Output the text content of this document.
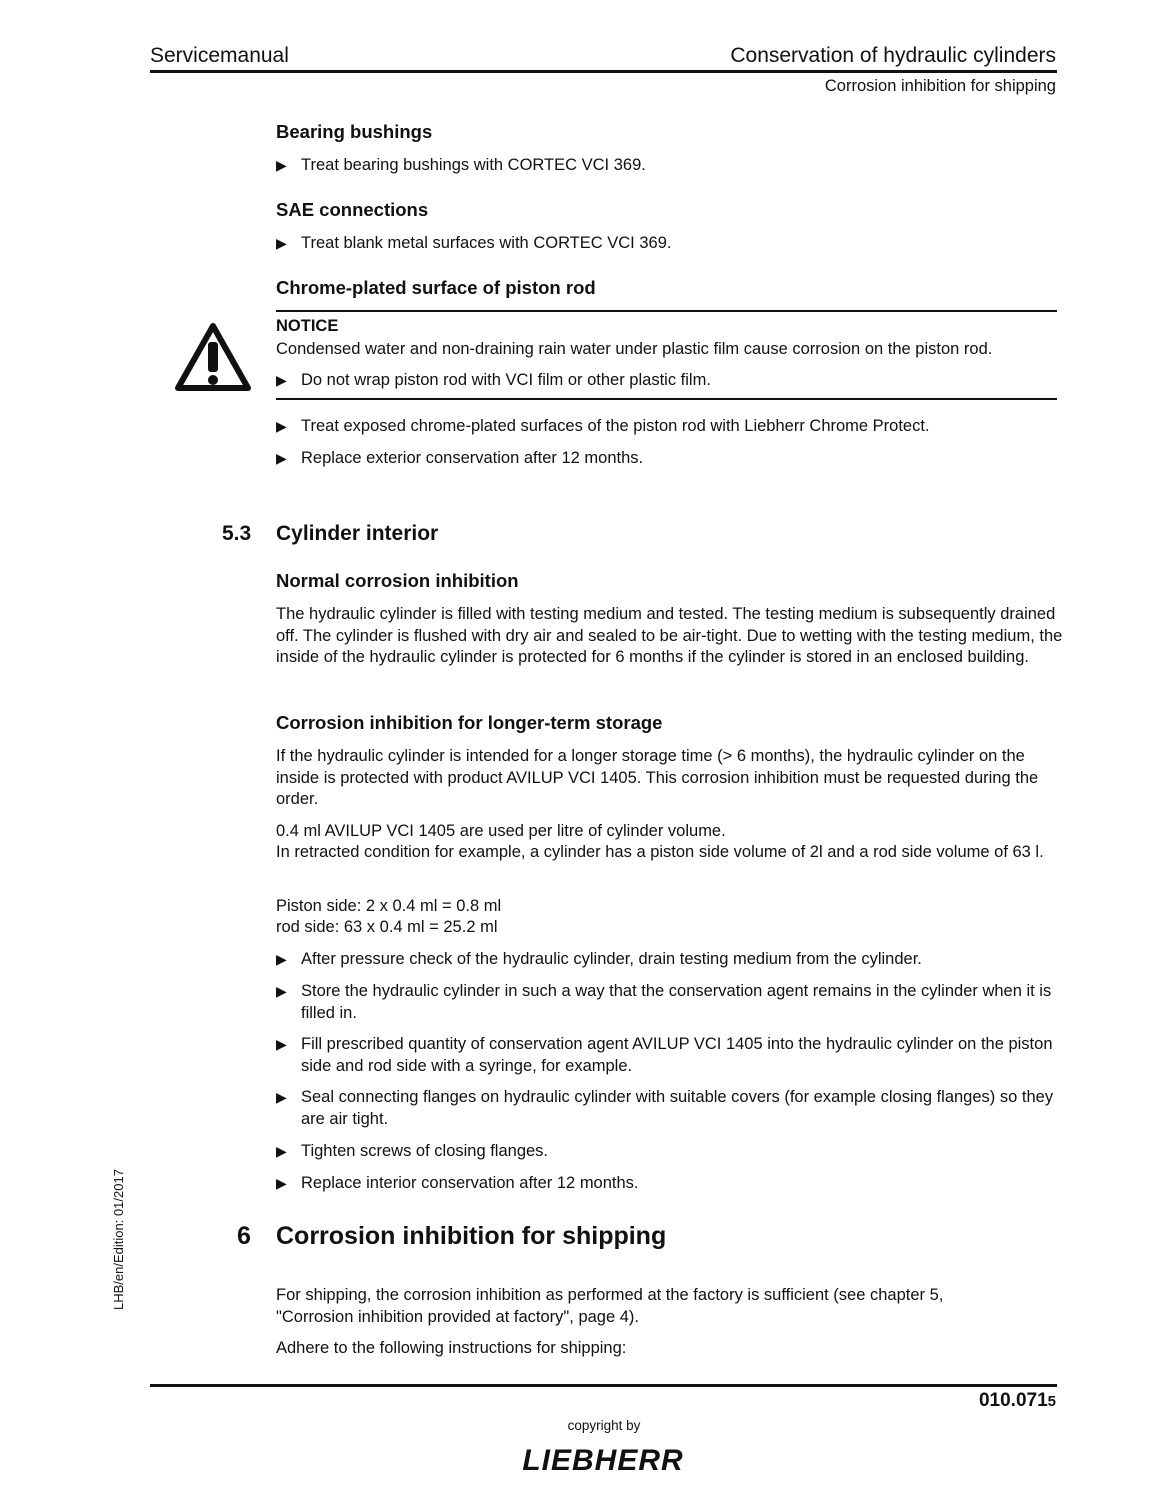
Servicemanual	Conservation of hydraulic cylinders
Corrosion inhibition for shipping
Bearing bushings
▶ Treat bearing bushings with CORTEC VCI 369.
SAE connections
▶ Treat blank metal surfaces with CORTEC VCI 369.
Chrome-plated surface of piston rod
NOTICE
Condensed water and non-draining rain water under plastic film cause corrosion on the piston rod.
▶ Do not wrap piston rod with VCI film or other plastic film.
▶ Treat exposed chrome-plated surfaces of the piston rod with Liebherr Chrome Protect.
▶ Replace exterior conservation after 12 months.
5.3 Cylinder interior
Normal corrosion inhibition
The hydraulic cylinder is filled with testing medium and tested. The testing medium is subsequently drained off. The cylinder is flushed with dry air and sealed to be air-tight. Due to wetting with the testing medium, the inside of the hydraulic cylinder is protected for 6 months if the cylinder is stored in an enclosed building.
Corrosion inhibition for longer-term storage
If the hydraulic cylinder is intended for a longer storage time (> 6 months), the hydraulic cylinder on the inside is protected with product AVILUP VCI 1405. This corrosion inhibition must be requested during the order.
0.4 ml AVILUP VCI 1405 are used per litre of cylinder volume.
In retracted condition for example, a cylinder has a piston side volume of 2l and a rod side volume of 63 l.
Piston side: 2 x 0.4 ml = 0.8 ml
rod side: 63 x 0.4 ml = 25.2 ml
▶ After pressure check of the hydraulic cylinder, drain testing medium from the cylinder.
▶ Store the hydraulic cylinder in such a way that the conservation agent remains in the cylinder when it is filled in.
▶ Fill prescribed quantity of conservation agent AVILUP VCI 1405 into the hydraulic cylinder on the piston side and rod side with a syringe, for example.
▶ Seal connecting flanges on hydraulic cylinder with suitable covers (for example closing flanges) so they are air tight.
▶ Tighten screws of closing flanges.
▶ Replace interior conservation after 12 months.
6 Corrosion inhibition for shipping
For shipping, the corrosion inhibition as performed at the factory is sufficient (see chapter 5, "Corrosion inhibition provided at factory", page 4).
Adhere to the following instructions for shipping:
LHB/en/Edition: 01/2017
010.0715
copyright by
LIEBHERR
